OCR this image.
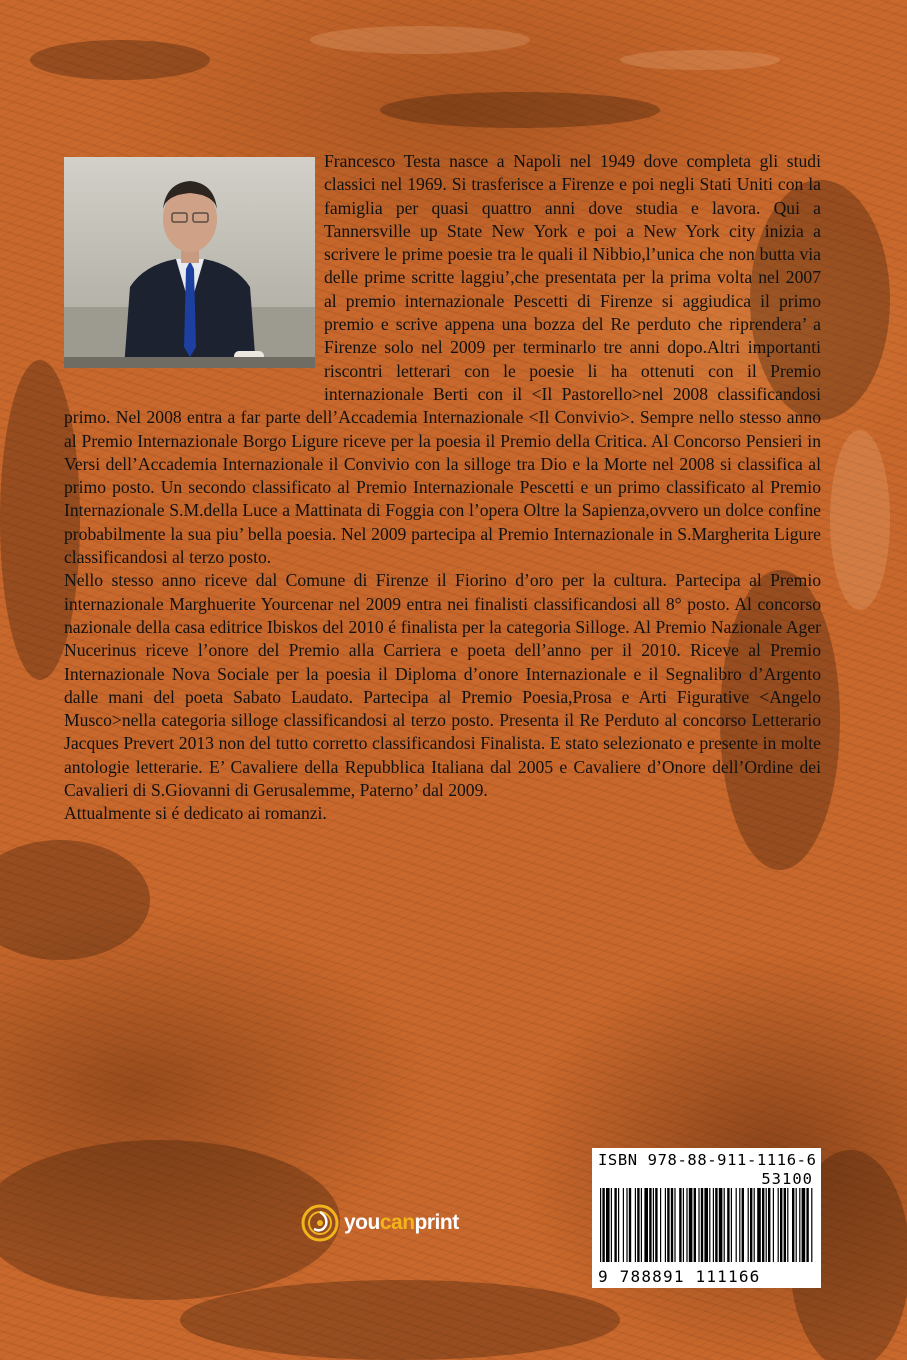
Francesco Testa nasce a Napoli nel 1949 dove completa gli studi classici nel 1969. Si trasferisce a Firenze e poi negli Stati Uniti con la famiglia per quasi quattro anni dove studia e lavora. Qui a Tannersville up State New York e poi a New York city inizia a scrivere le prime poesie tra le quali il Nibbio,l’unica che non butta via delle prime scritte laggiu’,che presentata per la prima volta nel 2007 al premio internazionale Pescetti di Firenze si aggiudica il primo premio e scrive appena una bozza del Re perduto che riprendera’ a Firenze solo nel 2009 per terminarlo tre anni dopo.Altri importanti riscontri letterari con le poesie li ha ottenuti con il Premio internazionale Berti con il <Il Pastorello>nel 2008 classificandosi primo. Nel 2008 entra a far parte dell’Accademia Internazionale <Il Convivio>. Sempre nello stesso anno al Premio Internazionale Borgo Ligure riceve per la poesia il Premio della Critica. Al Concorso Pensieri in Versi dell’Accademia Internazionale il Convivio con la silloge tra Dio e la Morte nel 2008 si classifica al primo posto. Un secondo classificato al Premio Internazionale Pescetti e un primo classificato al Premio Internazionale S.M.della Luce a Mattinata di Foggia con l’opera Oltre la Sapienza,ovvero un dolce confine probabilmente la sua piu’ bella poesia. Nel 2009 partecipa al Premio Internazionale in S.Margherita Ligure classificandosi al terzo posto.

Nello stesso anno riceve dal Comune di Firenze il Fiorino d’oro per la cultura. Partecipa al Premio internazionale Marghuerite Yourcenar nel 2009 entra nei finalisti classificandosi all 8° posto. Al concorso nazionale della casa editrice Ibiskos del 2010 é finalista per la categoria Silloge. Al Premio Nazionale Ager Nucerinus riceve l’onore del Premio alla Carriera e poeta dell’anno per il 2010. Riceve al Premio Internazionale Nova Sociale per la poesia il Diploma d’onore Internazionale e il Segnalibro d’Argento dalle mani del poeta Sabato Laudato. Partecipa al Premio Poesia,Prosa e Arti Figurative <Angelo Musco>nella categoria silloge classificandosi al terzo posto. Presenta il Re Perduto al concorso Letterario Jacques Prevert 2013 non del tutto corretto classificandosi Finalista. E stato selezionato e presente in molte antologie letterarie. E’ Cavaliere della Repubblica Italiana dal 2005 e Cavaliere d’Onore dell’Ordine dei Cavalieri di S.Giovanni di Gerusalemme, Paterno’ dal 2009.

Attualmente si é dedicato ai romanzi.

youcanprint
ISBN 978-88-911-1116-6
53100
9 788891 111166
